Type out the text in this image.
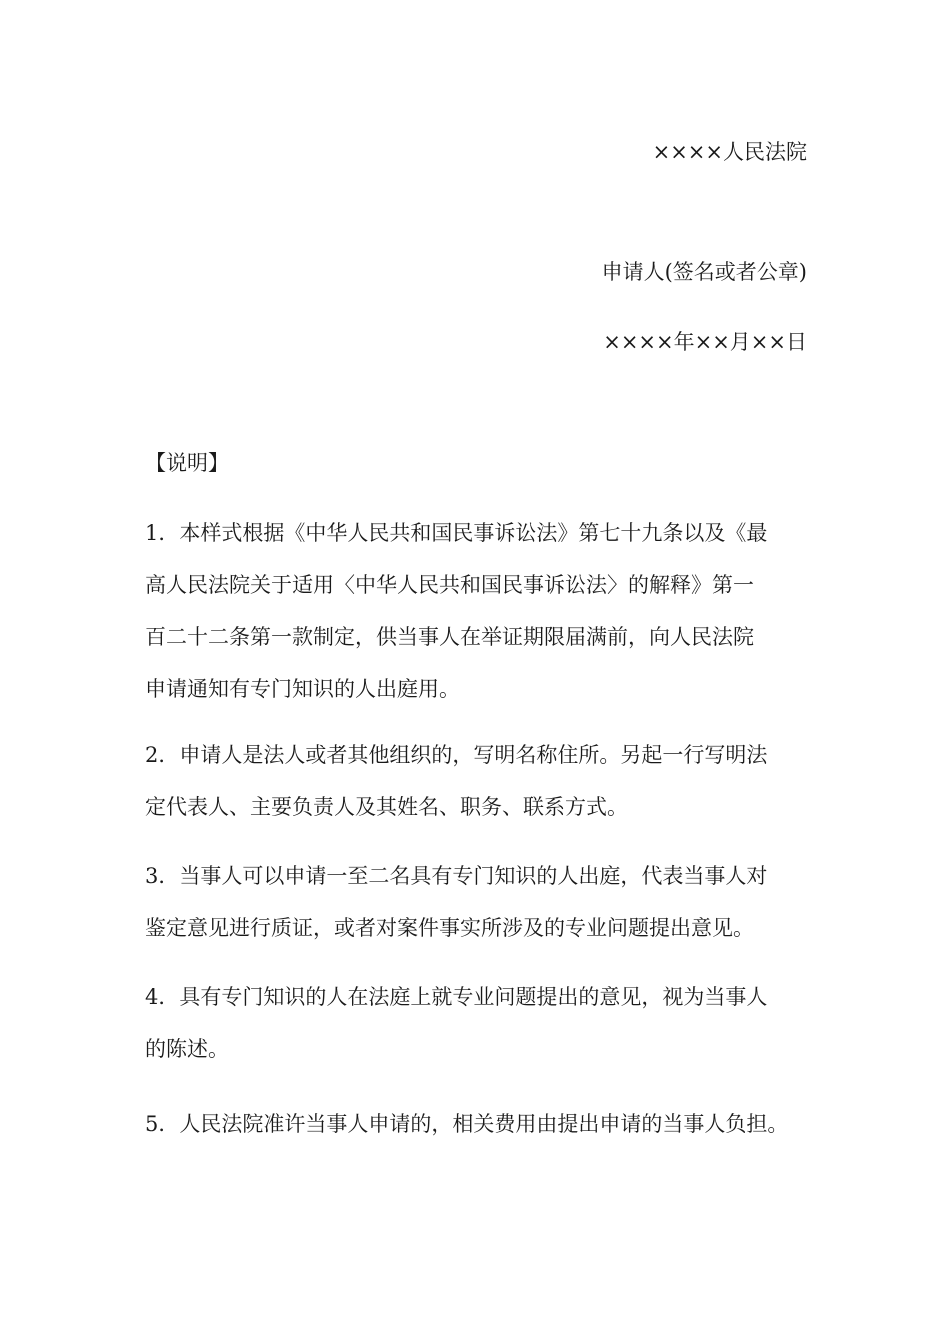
××××人民法院
申请人(签名或者公章)
××××年××月××日
【说明】
1．本样式根据《中华人民共和国民事诉讼法》第七十九条以及《最
高人民法院关于适用〈中华人民共和国民事诉讼法〉的解释》第一
百二十二条第一款制定，供当事人在举证期限届满前，向人民法院
申请通知有专门知识的人出庭用。
2．申请人是法人或者其他组织的，写明名称住所。另起一行写明法
定代表人、主要负责人及其姓名、职务、联系方式。
3．当事人可以申请一至二名具有专门知识的人出庭，代表当事人对
鉴定意见进行质证，或者对案件事实所涉及的专业问题提出意见。
4．具有专门知识的人在法庭上就专业问题提出的意见，视为当事人
的陈述。
5．人民法院准许当事人申请的，相关费用由提出申请的当事人负担。
